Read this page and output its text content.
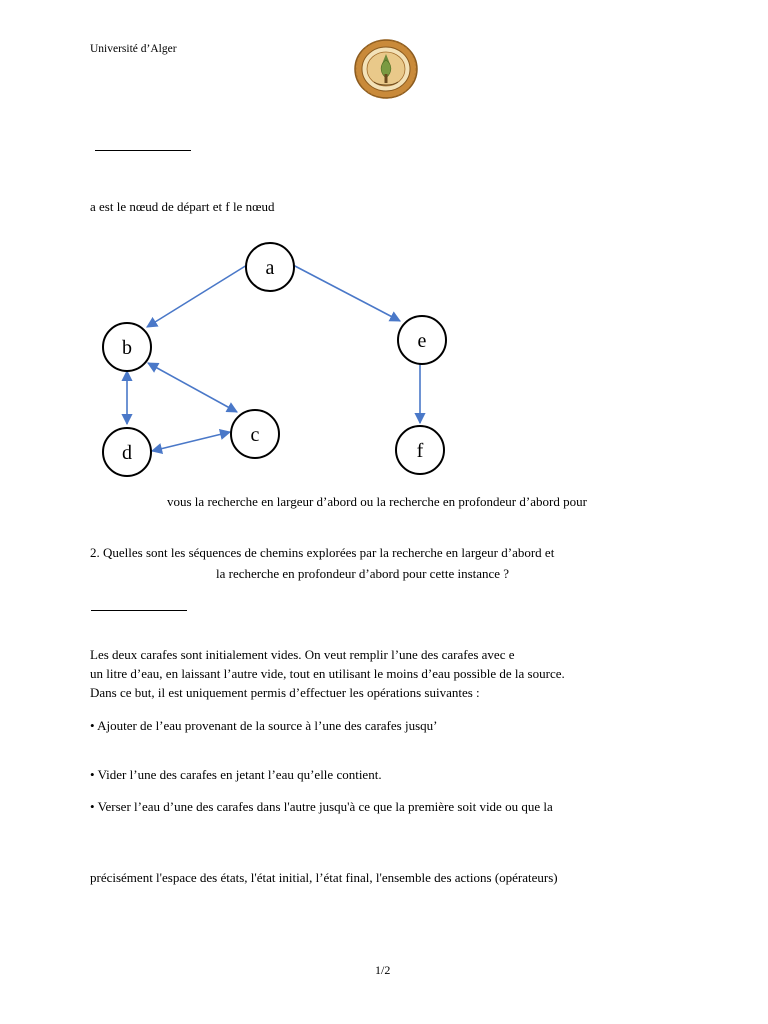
Université d’Alger
a est le nœud de départ et f le nœud
a
b
c
d
e
f
vous la recherche en largeur d’abord ou la recherche en profondeur d’abord pour
2. Quelles sont les séquences de chemins explorées par la recherche en largeur d’abord et
la recherche en profondeur d’abord pour cette instance ?
Les deux carafes sont initialement vides. On veut remplir l’une des carafes avec e
un litre d’eau, en laissant l’autre vide, tout en utilisant le moins d’eau possible de la source.
Dans ce but, il est uniquement permis d’effectuer les opérations suivantes :
• Ajouter de l’eau provenant de la source à l’une des carafes jusqu’
• Vider l’une des carafes en jetant l’eau qu’elle contient.
• Verser l’eau d’une des carafes dans l'autre jusqu'à ce que la première soit vide ou que la
précisément l'espace des états, l'état initial, l’état final, l'ensemble des actions (opérateurs)
1/2
